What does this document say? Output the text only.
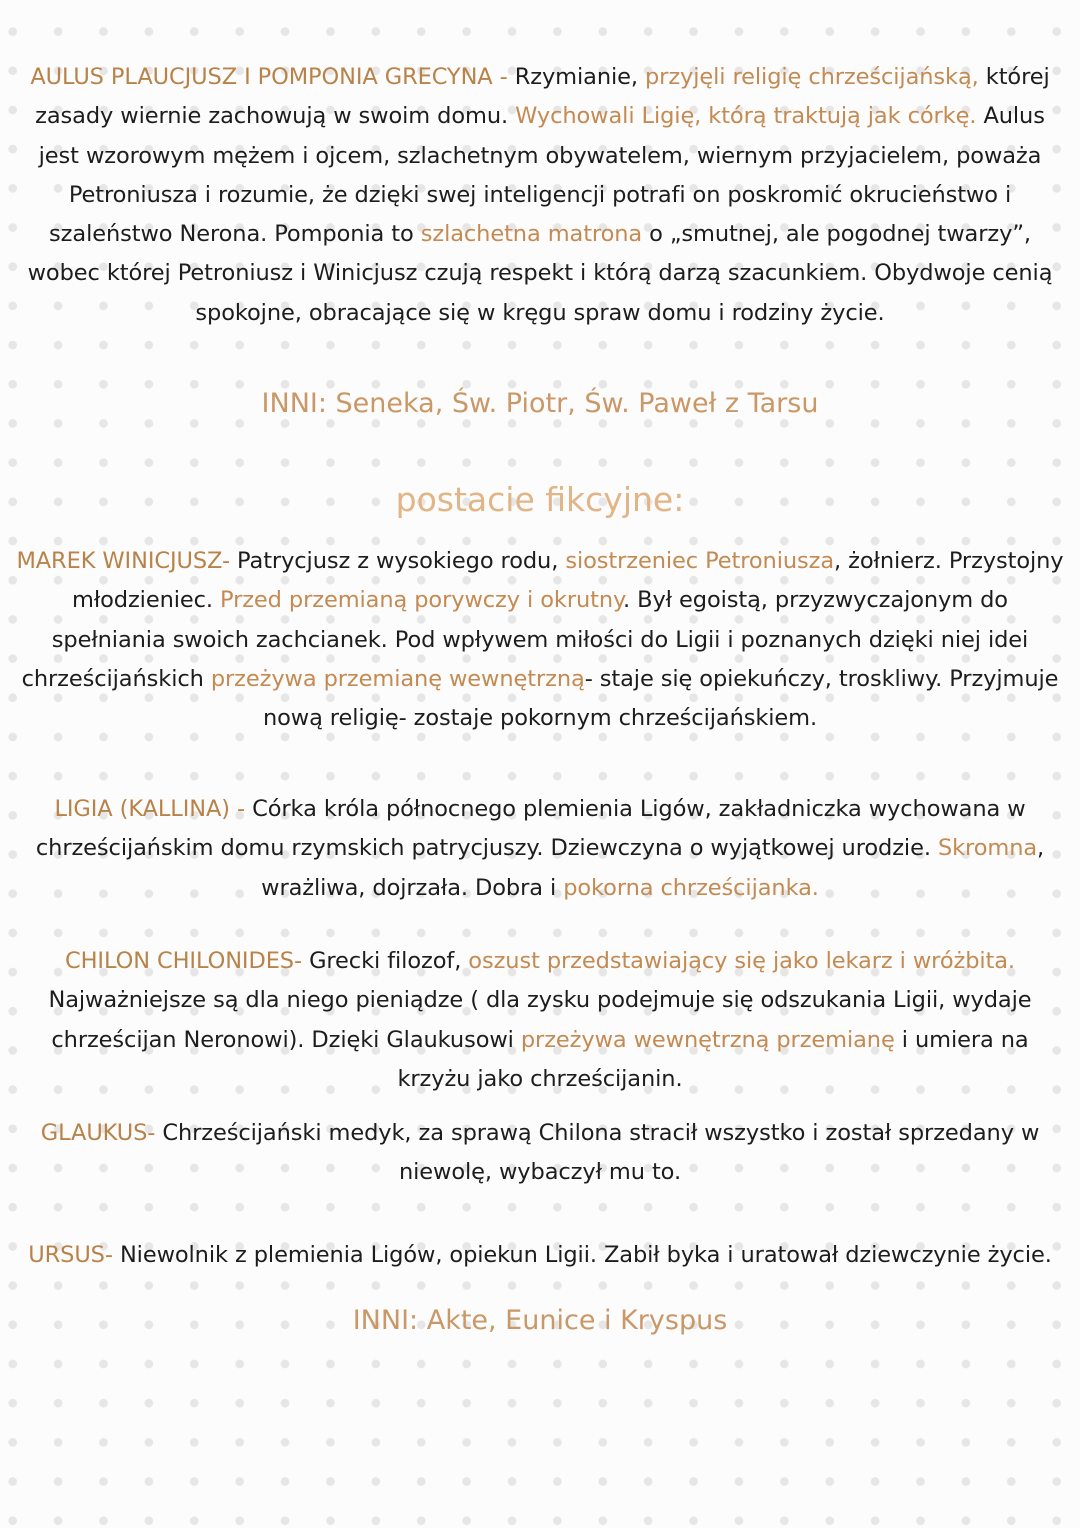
AULUS PLAUCJUSZ I POMPONIA GRECYNA - Rzymianie, przyjęli religię chrześcijańską, której zasady wiernie zachowują w swoim domu. Wychowali Ligię, którą traktują jak córkę. Aulus jest wzorowym mężem i ojcem, szlachetnym obywatelem, wiernym przyjacielem, poważa Petroniusza i rozumie, że dzięki swej inteligencji potrafi on poskromić okrucieństwo i szaleństwo Nerona. Pomponia to szlachetna matrona o „smutnej, ale pogodnej twarzy”, wobec której Petroniusz i Winicjusz czują respekt i którą darzą szacunkiem. Obydwoje cenią spokojne, obracające się w kręgu spraw domu i rodziny życie.

INNI: Seneka, Św. Piotr, Św. Paweł z Tarsu
postacie fikcyjne:

MAREK WINICJUSZ- Patrycjusz z wysokiego rodu, siostrzeniec Petroniusza, żołnierz. Przystojny młodzieniec. Przed przemianą porywczy i okrutny. Był egoistą, przyzwyczajonym do spełniania swoich zachcianek. Pod wpływem miłości do Ligii i poznanych dzięki niej idei chrześcijańskich przeżywa przemianę wewnętrzną- staje się opiekuńczy, troskliwy. Przyjmuje nową religię- zostaje pokornym chrześcijańskiem.

LIGIA (KALLINA) - Córka króla północnego plemienia Ligów, zakładniczka wychowana w chrześcijańskim domu rzymskich patrycjuszy. Dziewczyna o wyjątkowej urodzie. Skromna, wrażliwa, dojrzała. Dobra i pokorna chrześcijanka.

CHILON CHILONIDES- Grecki filozof, oszust przedstawiający się jako lekarz i wróżbita. Najważniejsze są dla niego pieniądze ( dla zysku podejmuje się odszukania Ligii, wydaje chrześcijan Neronowi). Dzięki Glaukusowi przeżywa wewnętrzną przemianę i umiera na krzyżu jako chrześcijanin.

GLAUKUS- Chrześcijański medyk, za sprawą Chilona stracił wszystko i został sprzedany w niewolę, wybaczył mu to.

URSUS- Niewolnik z plemienia Ligów, opiekun Ligii. Zabił byka i uratował dziewczynie życie.

INNI: Akte, Eunice i Kryspus
